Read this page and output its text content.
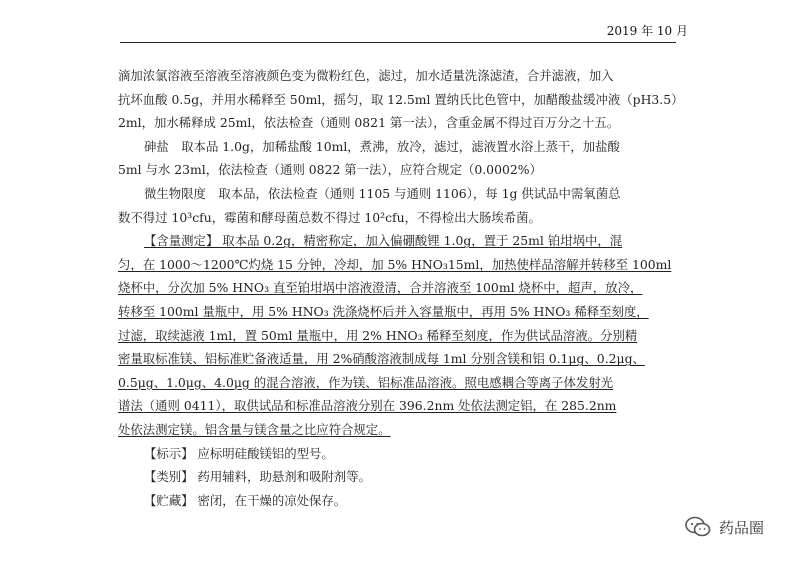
2019 年 10 月
滴加浓氯溶液至溶液至溶液颜色变为微粉红色，滤过，加水适量洗涤滤渣，合并滤液，加入
抗坏血酸 0.5g，并用水稀释至 50ml，摇匀，取 12.5ml 置纳氏比色管中，加醋酸盐缓冲液（pH3.5）
2ml，加水稀释成 25ml，依法检查（通则 0821 第一法），含重金属不得过百万分之十五。
砷盐　取本品 1.0g，加稀盐酸 10ml，煮沸，放冷，滤过，滤液置水浴上蒸干，加盐酸
5ml 与水 23ml，依法检查（通则 0822 第一法），应符合规定（0.0002%）
微生物限度　取本品，依法检查（通则 1105 与通则 1106），每 1g 供试品中需氧菌总
数不得过 10³cfu，霉菌和酵母菌总数不得过 10²cfu，不得检出大肠埃希菌。
【含量测定】 取本品 0.2g，精密称定，加入偏硼酸锂 1.0g，置于 25ml 铂坩埚中，混
匀，在 1000～1200℃灼烧 15 分钟，冷却，加 5% HNO₃15ml，加热使样品溶解并转移至 100ml
烧杯中，分次加 5% HNO₃ 直至铂坩埚中溶液澄清，合并溶液至 100ml 烧杯中，超声，放冷，
转移至 100ml 量瓶中，用 5% HNO₃ 洗涤烧杯后并入容量瓶中，再用 5% HNO₃ 稀释至刻度，
过滤，取续滤液 1ml，置 50ml 量瓶中，用 2% HNO₃ 稀释至刻度，作为供试品溶液。分别精
密量取标准镁、铝标准贮备液适量，用 2%硝酸溶液制成每 1ml 分别含镁和铝 0.1μg、0.2μg、
0.5μg、1.0μg、4.0μg 的混合溶液，作为镁、铝标准品溶液。照电感耦合等离子体发射光
谱法（通则 0411），取供试品和标准品溶液分别在 396.2nm 处依法测定铝，在 285.2nm
处依法测定镁。铝含量与镁含量之比应符合规定。
【标示】 应标明硅酸镁铝的型号。
【类别】 药用辅料，助悬剂和吸附剂等。
【贮藏】 密闭，在干燥的凉处保存。
药品圈
